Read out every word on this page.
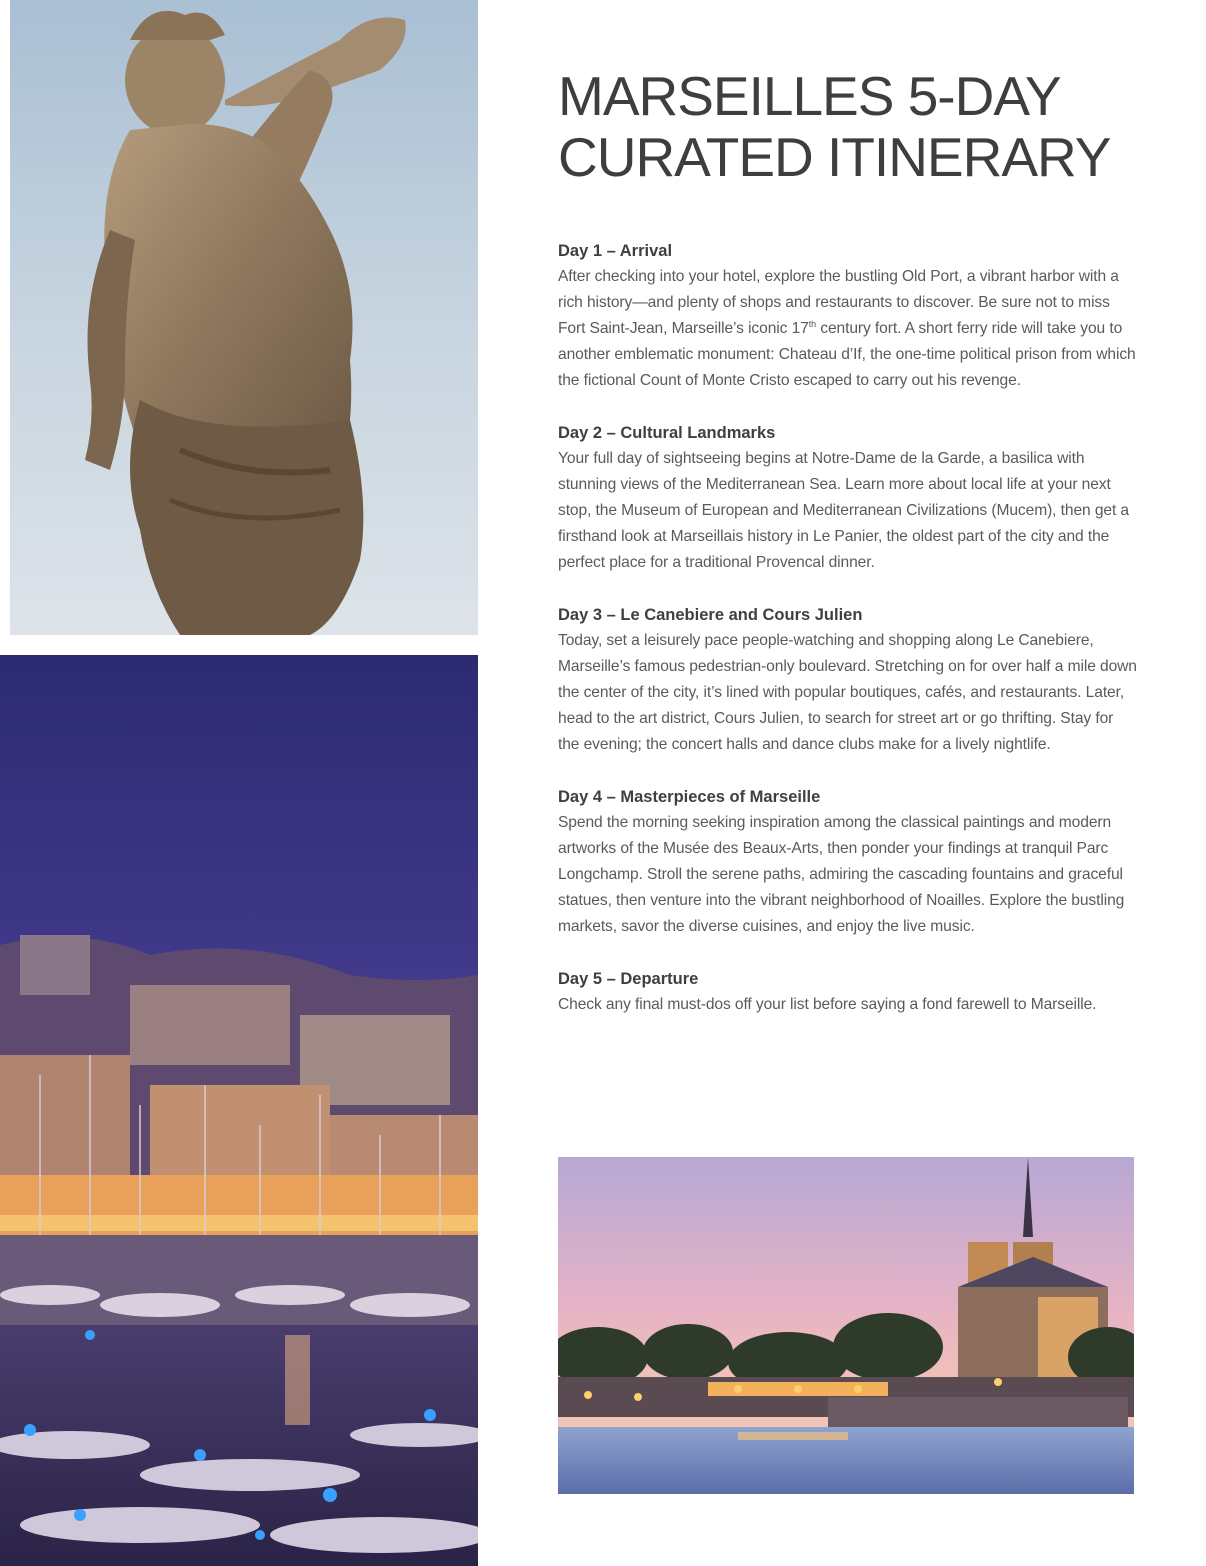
MARSEILLES 5-DAY
CURATED ITINERARY
Day 1 – Arrival

After checking into your hotel, explore the bustling Old Port, a vibrant harbor with a rich history—and plenty of shops and restaurants to discover. Be sure not to miss Fort Saint-Jean, Marseille’s iconic 17th century fort. A short ferry ride will take you to another emblematic monument: Chateau d’If, the one-time political prison from which the fictional Count of Monte Cristo escaped to carry out his revenge.

Day 2 – Cultural Landmarks

Your full day of sightseeing begins at Notre-Dame de la Garde, a basilica with stunning views of the Mediterranean Sea. Learn more about local life at your next stop, the Museum of European and Mediterranean Civilizations (Mucem), then get a firsthand look at Marseillais history in Le Panier, the oldest part of the city and the perfect place for a traditional Provencal dinner.

Day 3 – Le Canebiere and Cours Julien

Today, set a leisurely pace people-watching and shopping along Le Canebiere, Marseille’s famous pedestrian-only boulevard. Stretching on for over half a mile down the center of the city, it’s lined with popular boutiques, cafés, and restaurants. Later, head to the art district, Cours Julien, to search for street art or go thrifting. Stay for the evening; the concert halls and dance clubs make for a lively nightlife.

Day 4 – Masterpieces of Marseille

Spend the morning seeking inspiration among the classical paintings and modern artworks of the Musée des Beaux-Arts, then ponder your findings at tranquil Parc Longchamp. Stroll the serene paths, admiring the cascading fountains and graceful statues, then venture into the vibrant neighborhood of Noailles. Explore the bustling markets, savor the diverse cuisines, and enjoy the live music.

Day 5 – Departure

Check any final must-dos off your list before saying a fond farewell to Marseille.
